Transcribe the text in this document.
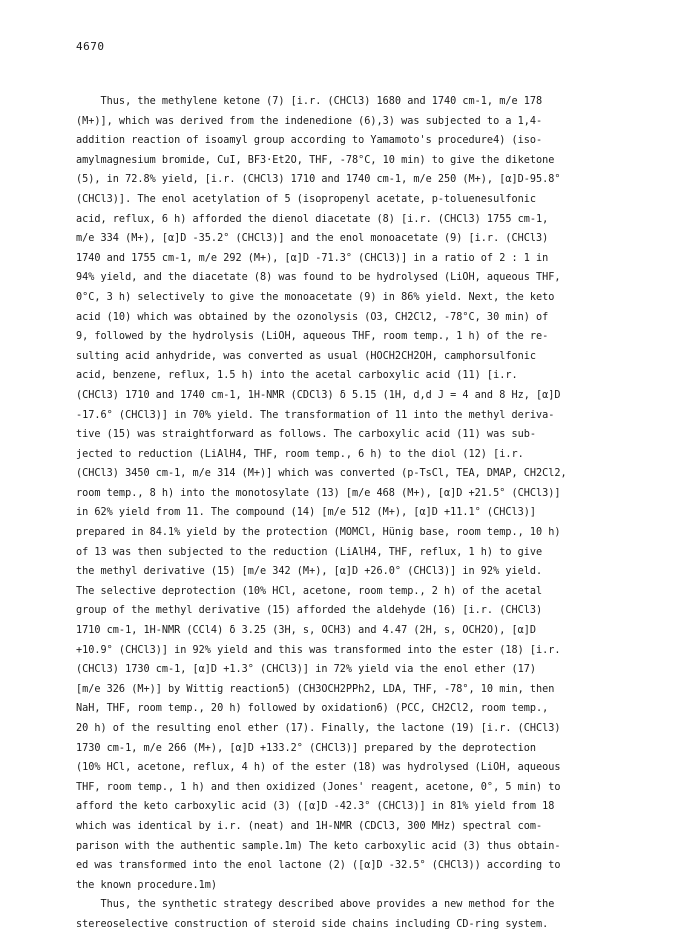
4670
Thus, the methylene ketone (7) [i.r. (CHCl3) 1680 and 1740 cm-1, m/e 178
(M+)], which was derived from the indenedione (6),3) was subjected to a 1,4-
addition reaction of isoamyl group according to Yamamoto's procedure4) (iso-
amylmagnesium bromide, CuI, BF3·Et2O, THF, -78°C, 10 min) to give the diketone
(5), in 72.8% yield, [i.r. (CHCl3) 1710 and 1740 cm-1, m/e 250 (M+), [α]D-95.8°
(CHCl3)]. The enol acetylation of 5 (isopropenyl acetate, p-toluenesulfonic
acid, reflux, 6 h) afforded the dienol diacetate (8) [i.r. (CHCl3) 1755 cm-1,
m/e 334 (M+), [α]D -35.2° (CHCl3)] and the enol monoacetate (9) [i.r. (CHCl3)
1740 and 1755 cm-1, m/e 292 (M+), [α]D -71.3° (CHCl3)] in a ratio of 2 : 1 in
94% yield, and the diacetate (8) was found to be hydrolysed (LiOH, aqueous THF,
0°C, 3 h) selectively to give the monoacetate (9) in 86% yield. Next, the keto
acid (10) which was obtained by the ozonolysis (O3, CH2Cl2, -78°C, 30 min) of
9, followed by the hydrolysis (LiOH, aqueous THF, room temp., 1 h) of the re-
sulting acid anhydride, was converted as usual (HOCH2CH2OH, camphorsulfonic
acid, benzene, reflux, 1.5 h) into the acetal carboxylic acid (11) [i.r.
(CHCl3) 1710 and 1740 cm-1, 1H-NMR (CDCl3) δ 5.15 (1H, d,d J = 4 and 8 Hz, [α]D
-17.6° (CHCl3)] in 70% yield. The transformation of 11 into the methyl deriva-
tive (15) was straightforward as follows. The carboxylic acid (11) was sub-
jected to reduction (LiAlH4, THF, room temp., 6 h) to the diol (12) [i.r.
(CHCl3) 3450 cm-1, m/e 314 (M+)] which was converted (p-TsCl, TEA, DMAP, CH2Cl2,
room temp., 8 h) into the monotosylate (13) [m/e 468 (M+), [α]D +21.5° (CHCl3)]
in 62% yield from 11. The compound (14) [m/e 512 (M+), [α]D +11.1° (CHCl3)]
prepared in 84.1% yield by the protection (MOMCl, Hünig base, room temp., 10 h)
of 13 was then subjected to the reduction (LiAlH4, THF, reflux, 1 h) to give
the methyl derivative (15) [m/e 342 (M+), [α]D +26.0° (CHCl3)] in 92% yield.
The selective deprotection (10% HCl, acetone, room temp., 2 h) of the acetal
group of the methyl derivative (15) afforded the aldehyde (16) [i.r. (CHCl3)
1710 cm-1, 1H-NMR (CCl4) δ 3.25 (3H, s, OCH3) and 4.47 (2H, s, OCH2O), [α]D
+10.9° (CHCl3)] in 92% yield and this was transformed into the ester (18) [i.r.
(CHCl3) 1730 cm-1, [α]D +1.3° (CHCl3)] in 72% yield via the enol ether (17)
[m/e 326 (M+)] by Wittig reaction5) (CH3OCH2PPh2, LDA, THF, -78°, 10 min, then
NaH, THF, room temp., 20 h) followed by oxidation6) (PCC, CH2Cl2, room temp.,
20 h) of the resulting enol ether (17). Finally, the lactone (19) [i.r. (CHCl3)
1730 cm-1, m/e 266 (M+), [α]D +133.2° (CHCl3)] prepared by the deprotection
(10% HCl, acetone, reflux, 4 h) of the ester (18) was hydrolysed (LiOH, aqueous
THF, room temp., 1 h) and then oxidized (Jones' reagent, acetone, 0°, 5 min) to
afford the keto carboxylic acid (3) ([α]D -42.3° (CHCl3)] in 81% yield from 18
which was identical by i.r. (neat) and 1H-NMR (CDCl3, 300 MHz) spectral com-
parison with the authentic sample.1m) The keto carboxylic acid (3) thus obtain-
ed was transformed into the enol lactone (2) ([α]D -32.5° (CHCl3)) according to
the known procedure.1m)
Thus, the synthetic strategy described above provides a new method for the
stereoselective construction of steroid side chains including CD-ring system.
